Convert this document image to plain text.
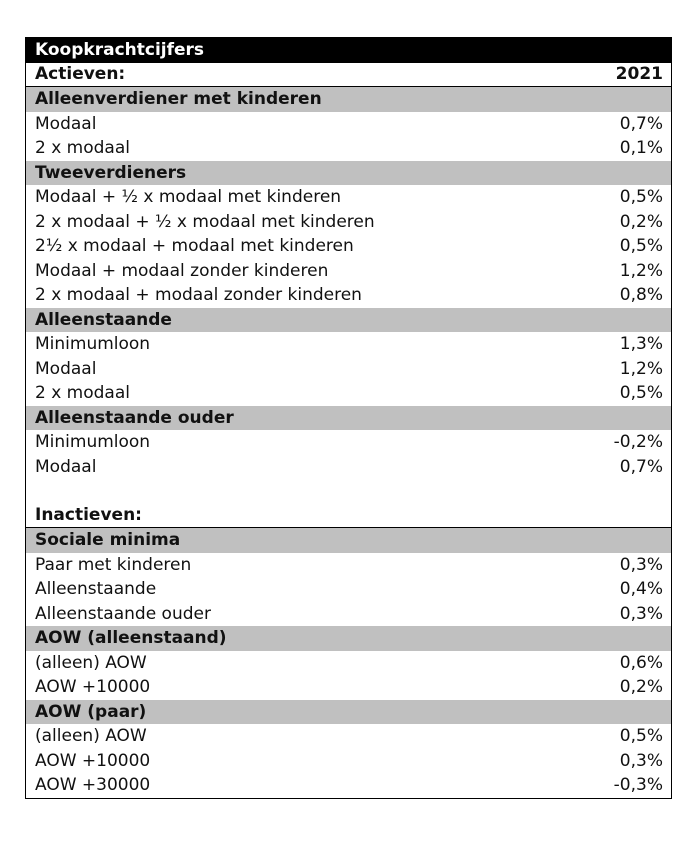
Koopkrachtcijfers
Actieven:	2021
Alleenverdiener met kinderen
Modaal	0,7%
2 x modaal	0,1%
Tweeverdieners
Modaal + ½ x modaal met kinderen	0,5%
2 x modaal + ½ x modaal met kinderen	0,2%
2½ x modaal + modaal met kinderen	0,5%
Modaal + modaal zonder kinderen	1,2%
2 x modaal + modaal zonder kinderen	0,8%
Alleenstaande
Minimumloon	1,3%
Modaal	1,2%
2 x modaal	0,5%
Alleenstaande ouder
Minimumloon	-0,2%
Modaal	0,7%
Inactieven:
Sociale minima
Paar met kinderen	0,3%
Alleenstaande	0,4%
Alleenstaande ouder	0,3%
AOW (alleenstaand)
(alleen) AOW	0,6%
AOW +10000	0,2%
AOW (paar)
(alleen) AOW	0,5%
AOW +10000	0,3%
AOW +30000	-0,3%
